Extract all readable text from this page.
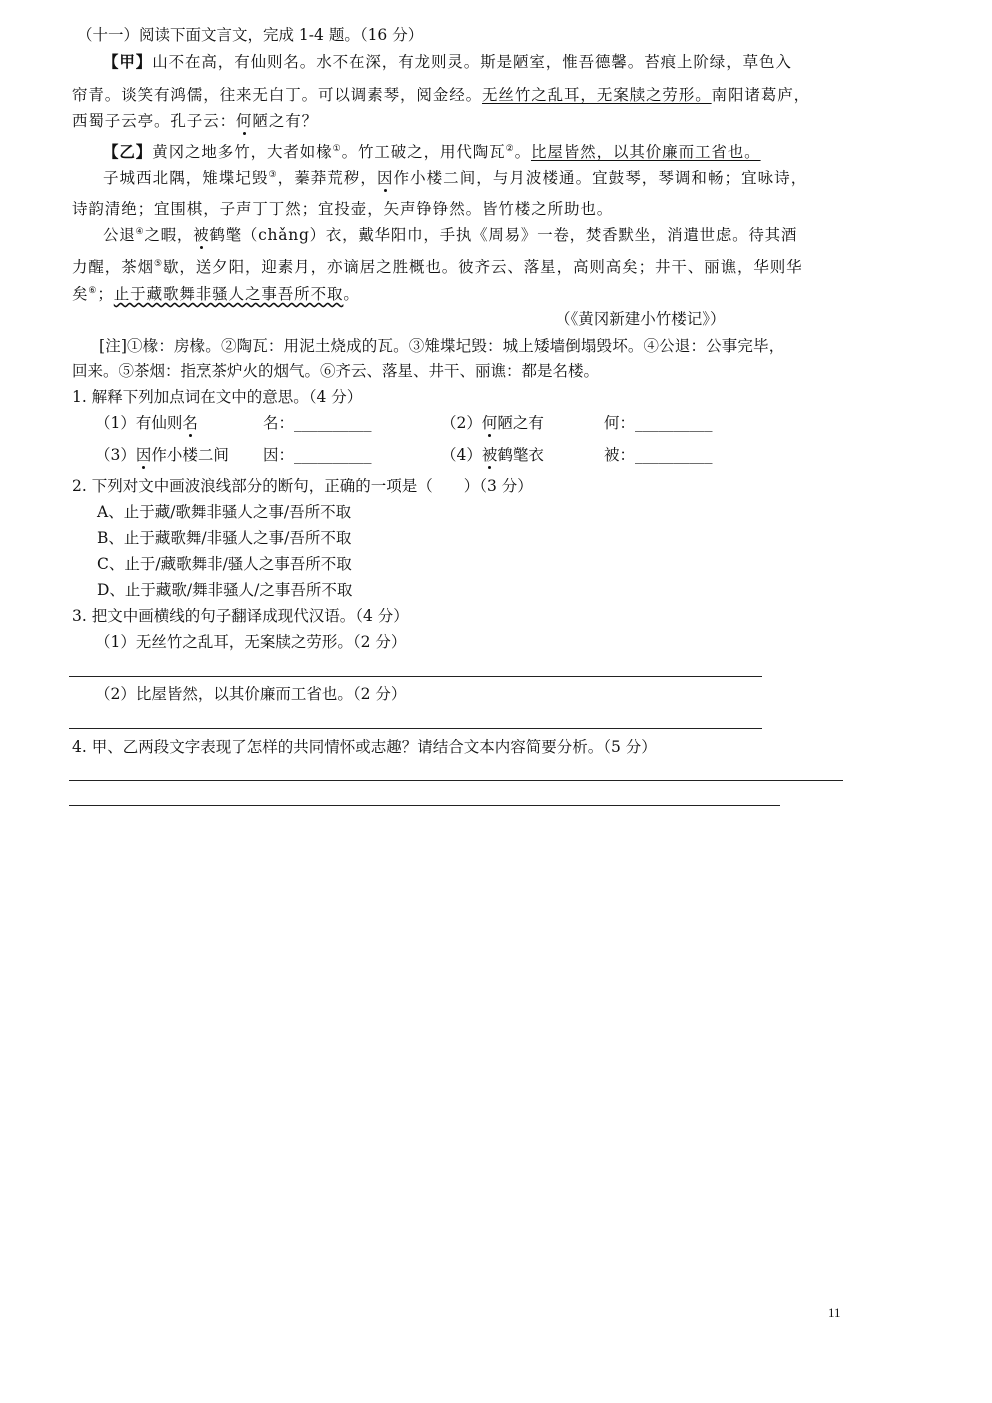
（十一）阅读下面文言文，完成 1-4 题。（16 分）
【甲】山不在高，有仙则名。水不在深，有龙则灵。斯是陋室，惟吾德馨。苔痕上阶绿，草色入
帘青。谈笑有鸿儒，往来无白丁。可以调素琴，阅金经。无丝竹之乱耳，无案牍之劳形。南阳诸葛庐，
西蜀子云亭。孔子云：何陋之有？
【乙】黄冈之地多竹，大者如椽①。竹工破之，用代陶瓦②。比屋皆然，以其价廉而工省也。
子城西北隅，雉堞圮毁③，蓁莽荒秽，因作小楼二间，与月波楼通。宜鼓琴，琴调和畅；宜咏诗，
诗韵清绝；宜围棋，子声丁丁然；宜投壶，矢声铮铮然。皆竹楼之所助也。
公退④之暇，被鹤氅（chǎng）衣，戴华阳巾，手执《周易》一卷，焚香默坐，消遣世虑。待其酒
力醒，茶烟⑤歇，送夕阳，迎素月，亦谪居之胜概也。彼齐云、落星，高则高矣；井干、丽谯，华则华
矣⑥；止于藏歌舞非骚人之事吾所不取。
（《黄冈新建小竹楼记》）
[注]①椽：房椽。②陶瓦：用泥土烧成的瓦。③雉堞圮毁：城上矮墙倒塌毁坏。④公退：公事完毕，
回来。⑤茶烟：指烹茶炉火的烟气。⑥齐云、落星、井干、丽谯：都是名楼。
1. 解释下列加点词在文中的意思。（4 分）
（1）有仙则名	名：__________	（2）何陋之有	何：__________
（3）因作小楼二间 因：__________	（4）被鹤氅衣	被：__________
2. 下列对文中画波浪线部分的断句，正确的一项是（　　）（3 分）
A、止于藏/歌舞非骚人之事/吾所不取
B、止于藏歌舞/非骚人之事/吾所不取
C、止于/藏歌舞非/骚人之事吾所不取
D、止于藏歌/舞非骚人/之事吾所不取
3. 把文中画横线的句子翻译成现代汉语。（4 分）
（1）无丝竹之乱耳，无案牍之劳形。（2 分）
（2）比屋皆然，以其价廉而工省也。（2 分）
4. 甲、乙两段文字表现了怎样的共同情怀或志趣？请结合文本内容简要分析。（5 分）
11
